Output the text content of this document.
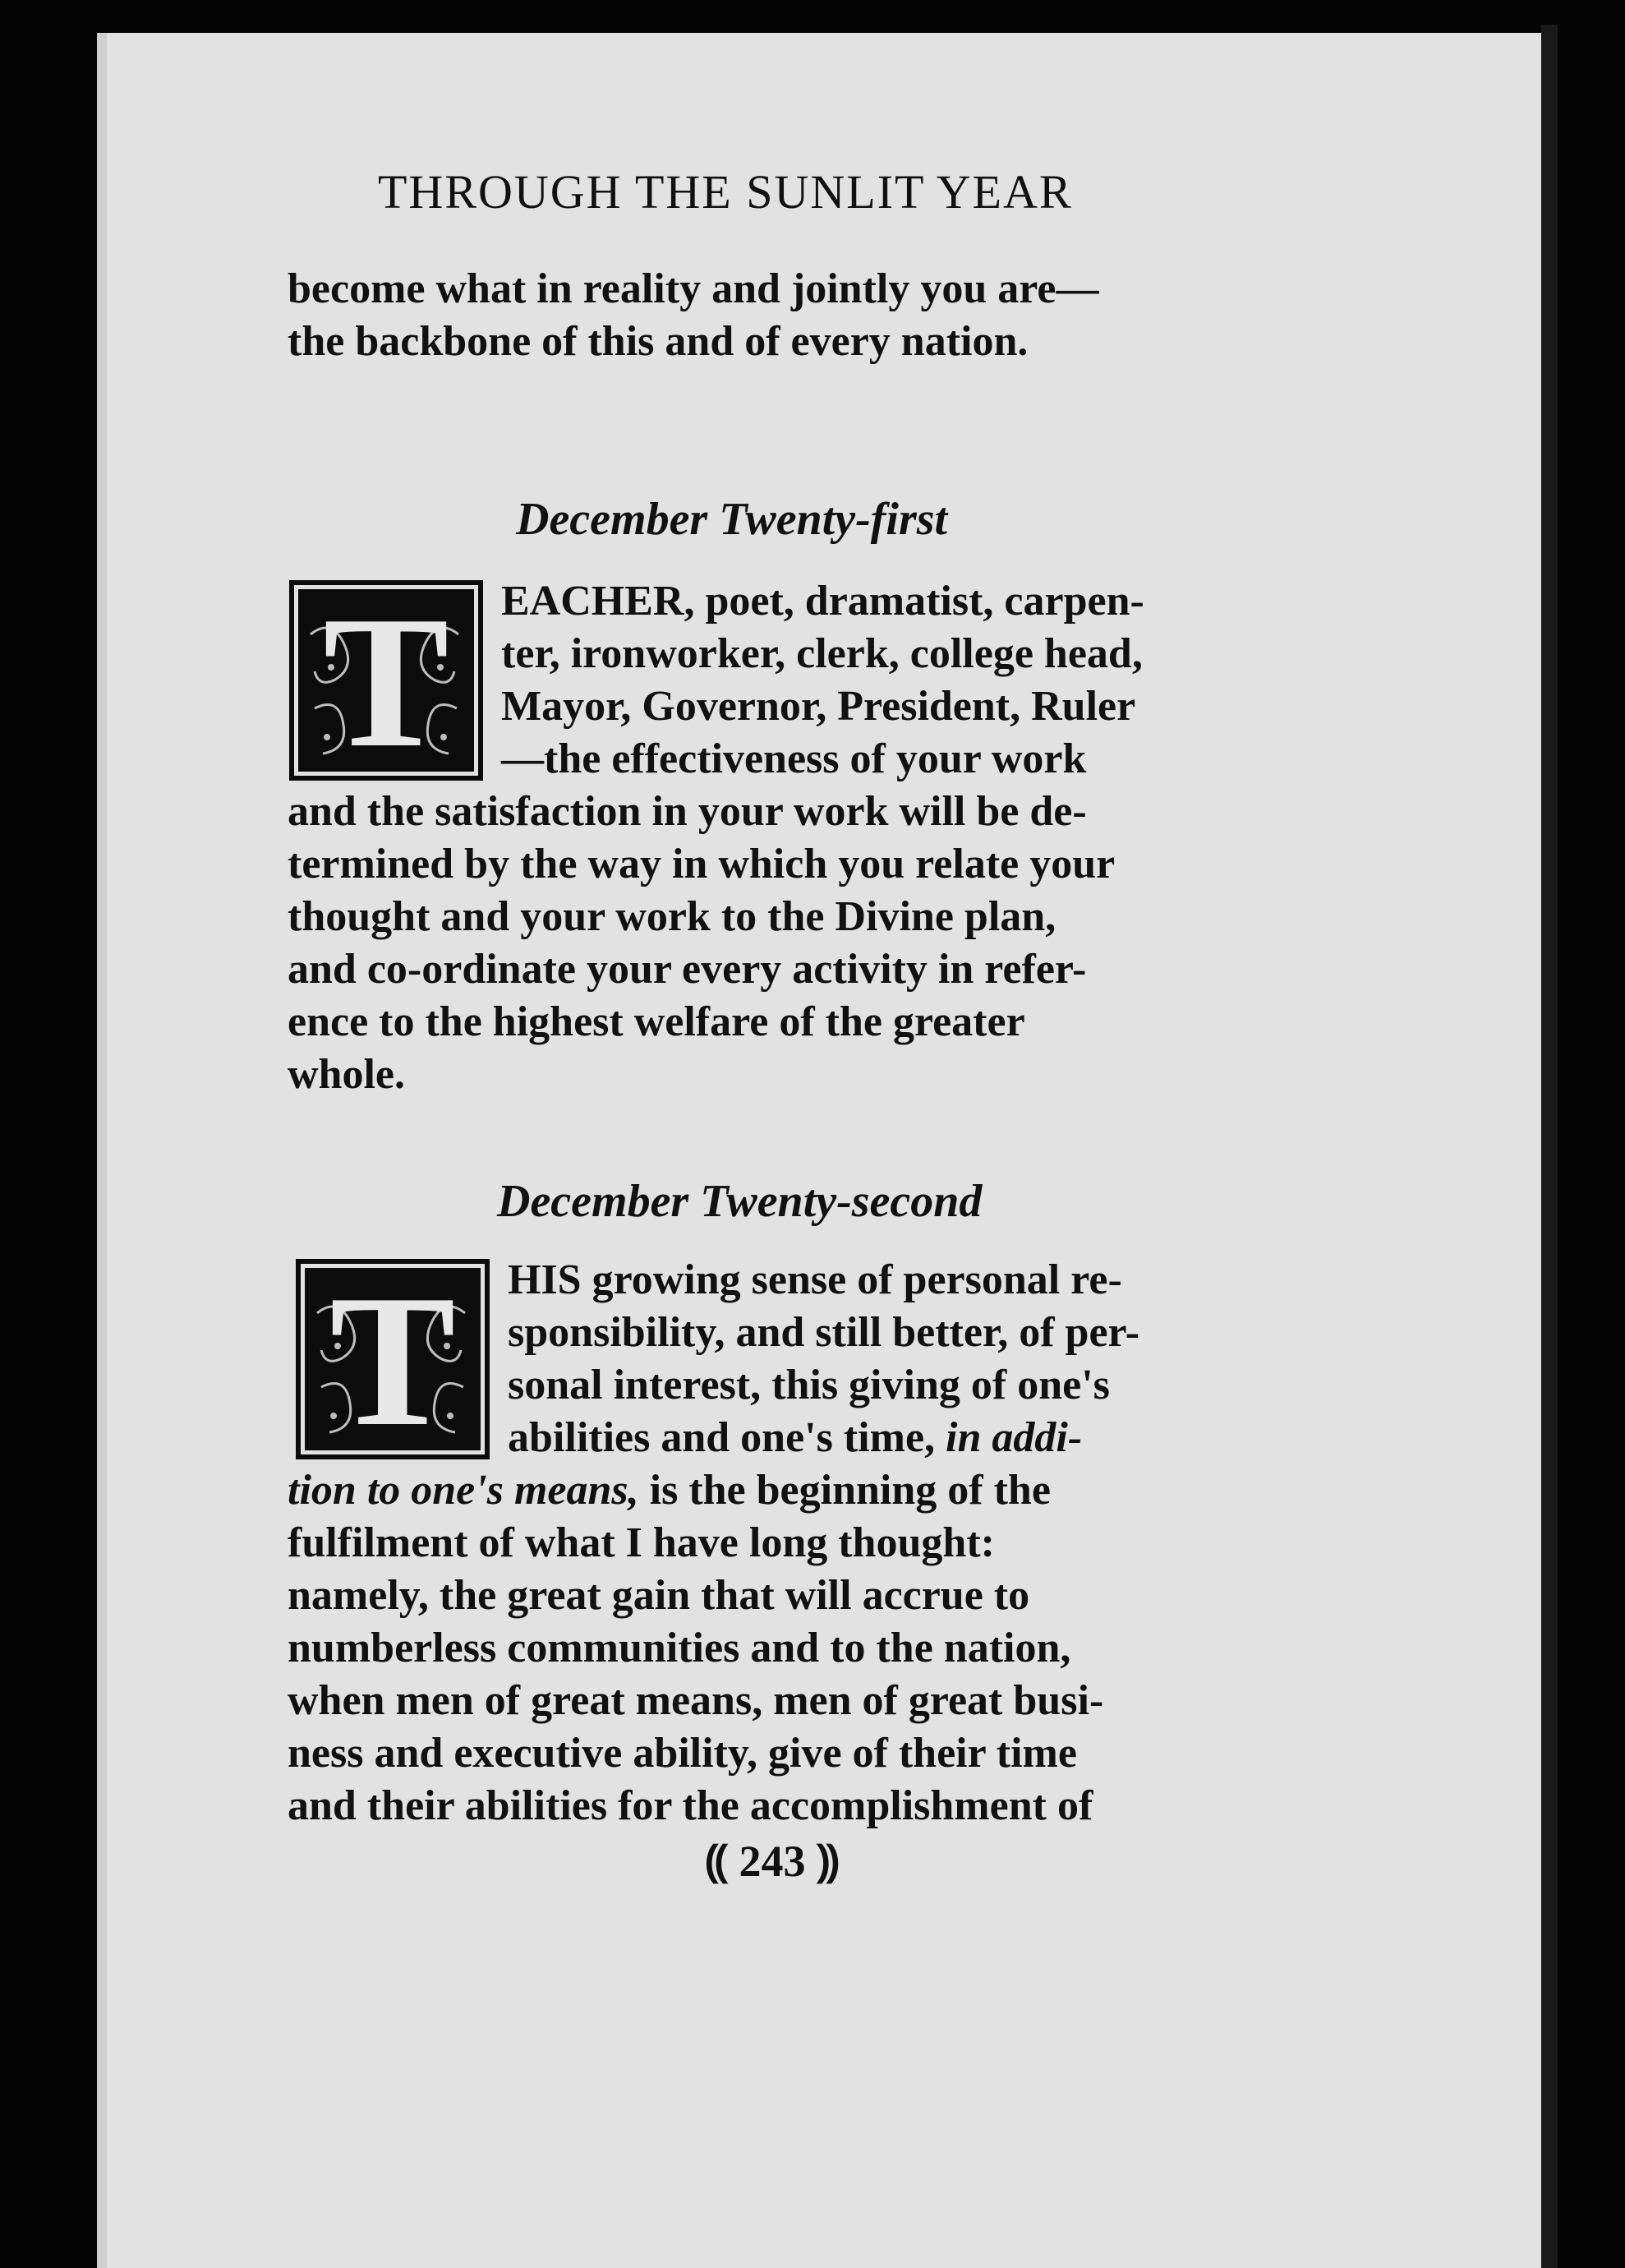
THROUGH THE SUNLIT YEAR

become what in reality and jointly you are—
the backbone of this and of every nation.

December Twenty-first
T	EACHER, poet, dramatist, carpen-
ter, ironworker, clerk, college head,
Mayor, Governor, President, Ruler
—the effectiveness of your work

and the satisfaction in your work will be de-
termined by the way in which you relate your
thought and your work to the Divine plan,
and co-ordinate your every activity in refer-
ence to the highest welfare of the greater
whole.

December Twenty-second
T	HIS growing sense of personal re-
sponsibility, and still better, of per-
sonal interest, this giving of one's
abilities and one's time, in addi-

tion to one's means, is the beginning of the
fulfilment of what I have long thought:
namely, the great gain that will accrue to
numberless communities and to the nation,
when men of great means, men of great busi-
ness and executive ability, give of their time
and their abilities for the accomplishment of

⸨ 243 ⸩
